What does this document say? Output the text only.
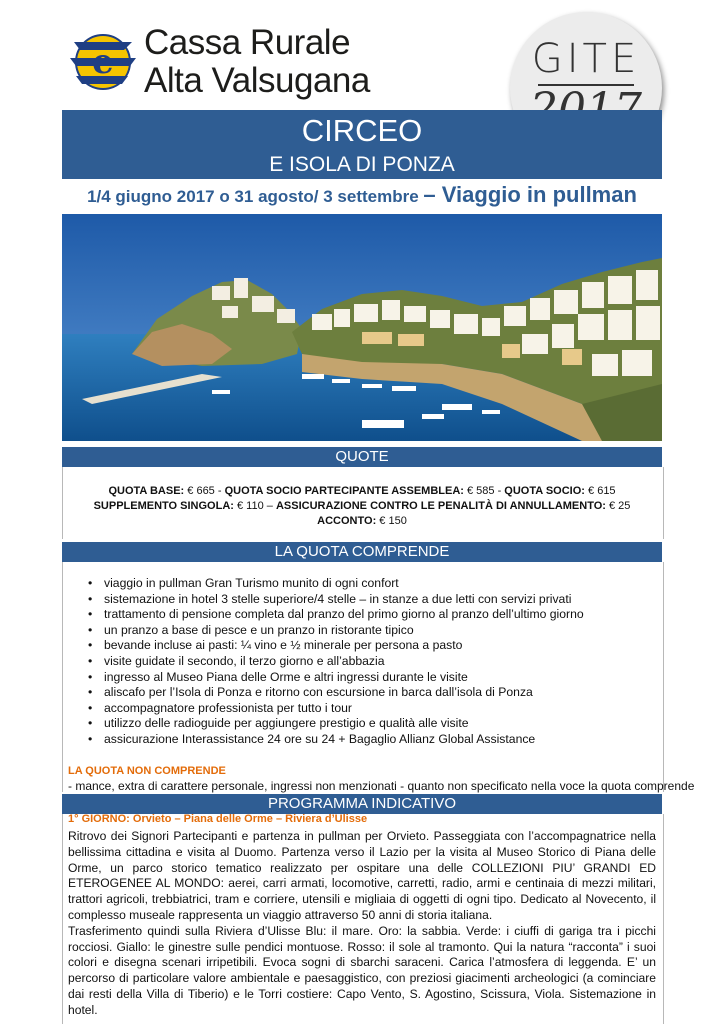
e Cassa Rurale
Alta Valsugana	GITE
CIRCEO
E ISOLA DI PONZA
1/4 giugno 2017 o 31 agosto/ 3 settembre – Viaggio in pullman
QUOTE
QUOTA BASE: € 665 - QUOTA SOCIO PARTECIPANTE ASSEMBLEA: € 585 - QUOTA SOCIO: € 615
SUPPLEMENTO SINGOLA: € 110 – ASSICURAZIONE CONTRO LE PENALITÀ DI ANNULLAMENTO: € 25
ACCONTO: € 150
LA QUOTA COMPRENDE
• viaggio in pullman Gran Turismo munito di ogni confort
• sistemazione in hotel 3 stelle superiore/4 stelle – in stanze a due letti con servizi privati
• trattamento di pensione completa dal pranzo del primo giorno al pranzo dell’ultimo giorno
• un pranzo a base di pesce e un pranzo in ristorante tipico
• bevande incluse ai pasti: ¼ vino e ½ minerale per persona a pasto
• visite guidate il secondo, il terzo giorno e all’abbazia
• ingresso al Museo Piana delle Orme e altri ingressi durante le visite
• aliscafo per l’Isola di Ponza e ritorno con escursione in barca dall’isola di Ponza
• accompagnatore professionista per tutto i tour
• utilizzo delle radioguide per aggiungere prestigio e qualità alle visite
• assicurazione Interassistance 24 ore su 24 + Bagaglio Allianz Global Assistance
LA QUOTA NON COMPRENDE
- mance, extra di carattere personale, ingressi non menzionati - quanto non specificato nella voce la quota comprende
PROGRAMMA INDICATIVO
1° GIORNO: Orvieto – Piana delle Orme – Riviera d’Ulisse

Ritrovo dei Signori Partecipanti e partenza in pullman per Orvieto. Passeggiata con l’accompagnatrice nella bellissima cittadina e visita al Duomo. Partenza verso il Lazio per la visita al Museo Storico di Piana delle Orme, un parco storico tematico realizzato per ospitare una delle COLLEZIONI PIU’ GRANDI ED ETEROGENEE AL MONDO: aerei, carri armati, locomotive, carretti, radio, armi e centinaia di mezzi militari, trattori agricoli, trebbiatrici, tram e corriere, utensili e migliaia di oggetti di ogni tipo. Dedicato al Novecento, il complesso museale rappresenta un viaggio attraverso 50 anni di storia italiana.

Trasferimento quindi sulla Riviera d’Ulisse Blu: il mare. Oro: la sabbia. Verde: i ciuffi di gariga tra i picchi rocciosi. Giallo: le ginestre sulle pendici montuose. Rosso: il sole al tramonto. Qui la natura “racconta” i suoi colori e disegna scenari irripetibili. Evoca sogni di sbarchi saraceni. Carica l’atmosfera di leggenda. E’ un percorso di particolare valore ambientale e paesaggistico, con preziosi giacimenti archeologici (a cominciare dai resti della Villa di Tiberio) e le Torri costiere: Capo Vento, S. Agostino, Scissura, Viola. Sistemazione in hotel.
